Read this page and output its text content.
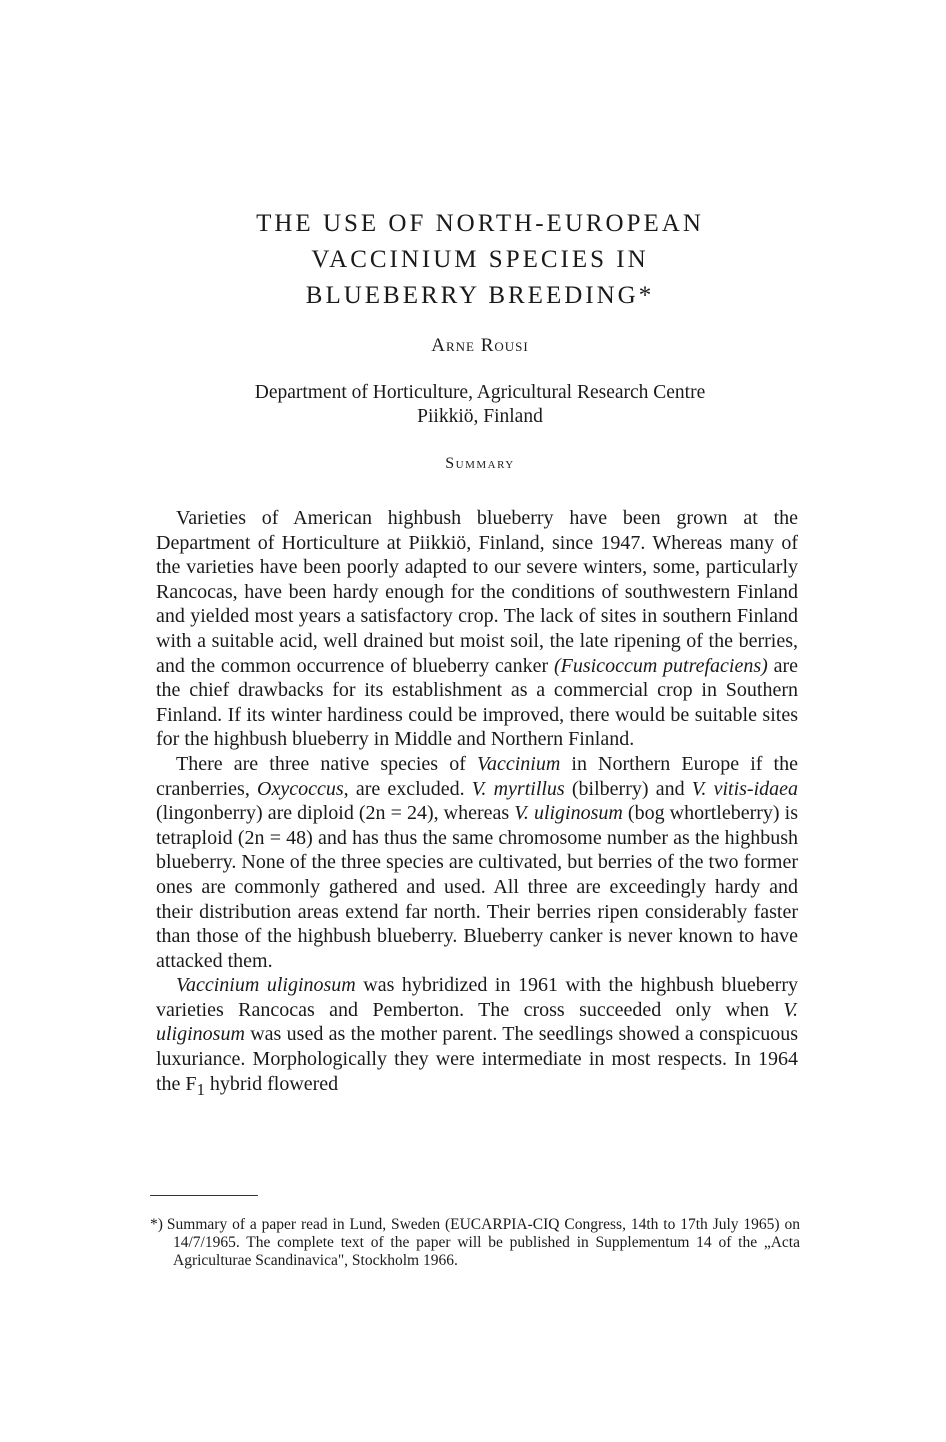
THE USE OF NORTH-EUROPEAN
VACCINIUM SPECIES IN
BLUEBERRY BREEDING*
Arne Rousi
Department of Horticulture, Agricultural Research Centre
Piikkiö, Finland
Summary

Varieties of American highbush blueberry have been grown at the Department of Horticulture at Piikkiö, Finland, since 1947. Whereas many of the varieties have been poorly adapted to our severe winters, some, particularly Rancocas, have been hardy enough for the conditions of southwestern Finland and yielded most years a satisfactory crop. The lack of sites in southern Finland with a suitable acid, well drained but moist soil, the late ripening of the berries, and the common occurrence of blueberry canker (Fusicoccum putrefaciens) are the chief drawbacks for its establishment as a commercial crop in Southern Finland. If its winter hardiness could be improved, there would be suitable sites for the highbush blueberry in Middle and Northern Finland.

There are three native species of Vaccinium in Northern Europe if the cranberries, Oxycoccus, are excluded. V. myrtillus (bilberry) and V. vitis-idaea (lingonberry) are diploid (2n = 24), whereas V. uliginosum (bog whortleberry) is tetraploid (2n = 48) and has thus the same chromosome number as the highbush blueberry. None of the three species are cultivated, but berries of the two former ones are commonly gathered and used. All three are exceedingly hardy and their distribution areas extend far north. Their berries ripen considerably faster than those of the highbush blueberry. Blueberry canker is never known to have attacked them.

Vaccinium uliginosum was hybridized in 1961 with the highbush blueberry varieties Rancocas and Pemberton. The cross succeeded only when V. uliginosum was used as the mother parent. The seedlings showed a conspicuous luxuriance. Morphologically they were intermediate in most respects. In 1964 the $F_1$ hybrid flowered

*) Summary of a paper read in Lund, Sweden (EUCARPIA-CIQ Congress, 14th to 17th July 1965) on 14/7/1965. The complete text of the paper will be published in Supplementum 14 of the „Acta Agriculturae Scandinavica", Stockholm 1966.
